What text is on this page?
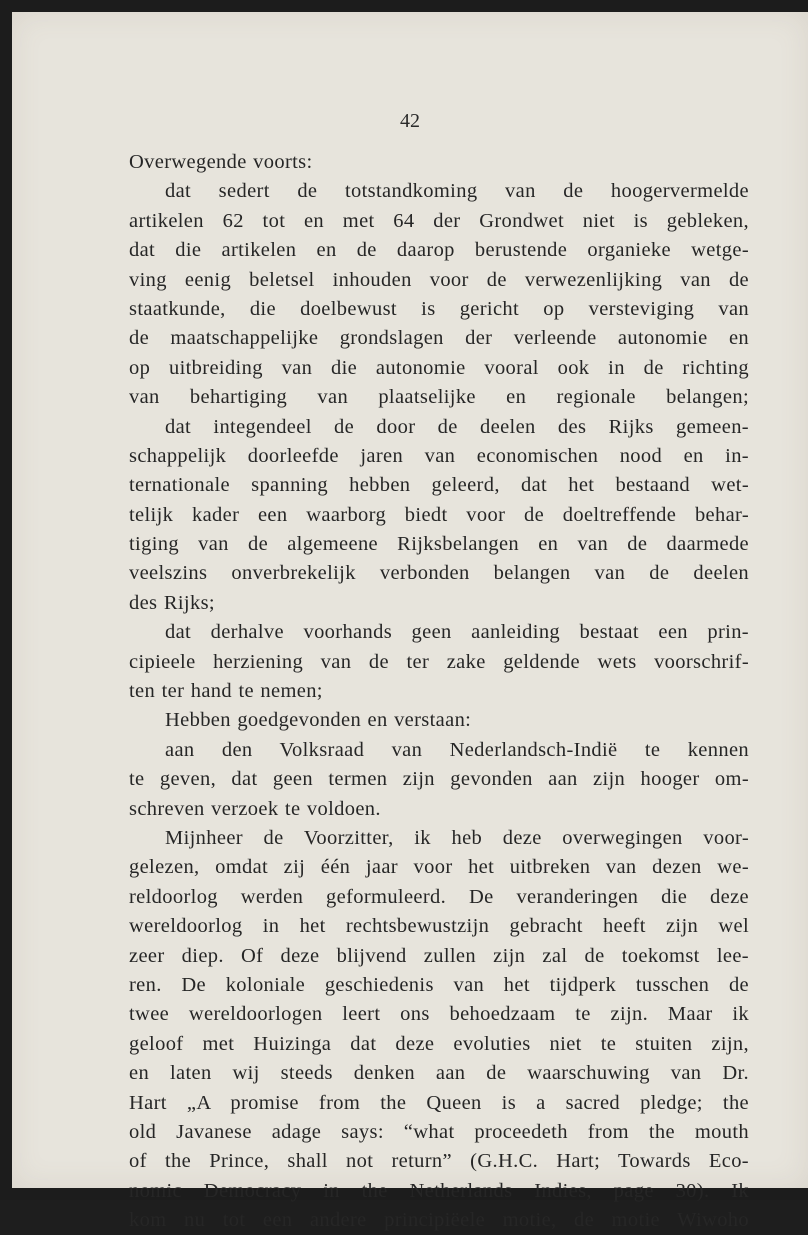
42
Overwegende voorts:
dat sedert de totstandkoming van de hoogervermelde
artikelen 62 tot en met 64 der Grondwet niet is gebleken,
dat die artikelen en de daarop berustende organieke wetge-
ving eenig beletsel inhouden voor de verwezenlijking van de
staatkunde, die doelbewust is gericht op versteviging van
de maatschappelijke grondslagen der verleende autonomie en
op uitbreiding van die autonomie vooral ook in de richting
van behartiging van plaatselijke en regionale belangen;
dat integendeel de door de deelen des Rijks gemeen-
schappelijk doorleefde jaren van economischen nood en in-
ternationale spanning hebben geleerd, dat het bestaand wet-
telijk kader een waarborg biedt voor de doeltreffende behar-
tiging van de algemeene Rijksbelangen en van de daarmede
veelszins onverbrekelijk verbonden belangen van de deelen
des Rijks;
dat derhalve voorhands geen aanleiding bestaat een prin-
cipieele herziening van de ter zake geldende wets voorschrif-
ten ter hand te nemen;
Hebben goedgevonden en verstaan:
aan den Volksraad van Nederlandsch-Indië te kennen
te geven, dat geen termen zijn gevonden aan zijn hooger om-
schreven verzoek te voldoen.
Mijnheer de Voorzitter, ik heb deze overwegingen voor-
gelezen, omdat zij één jaar voor het uitbreken van dezen we-
reldoorlog werden geformuleerd. De veranderingen die deze
wereldoorlog in het rechtsbewustzijn gebracht heeft zijn wel
zeer diep. Of deze blijvend zullen zijn zal de toekomst lee-
ren. De koloniale geschiedenis van het tijdperk tusschen de
twee wereldoorlogen leert ons behoedzaam te zijn. Maar ik
geloof met Huizinga dat deze evoluties niet te stuiten zijn,
en laten wij steeds denken aan de waarschuwing van Dr.
Hart „A promise from the Queen is a sacred pledge; the
old Javanese adage says: “what proceedeth from the mouth
of the Prince, shall not return” (G.H.C. Hart; Towards Eco-
nomic Democracy in the Netherlands Indies, page 30). Ik
kom nu tot een andere principiëele motie, de motie Wiwoho
